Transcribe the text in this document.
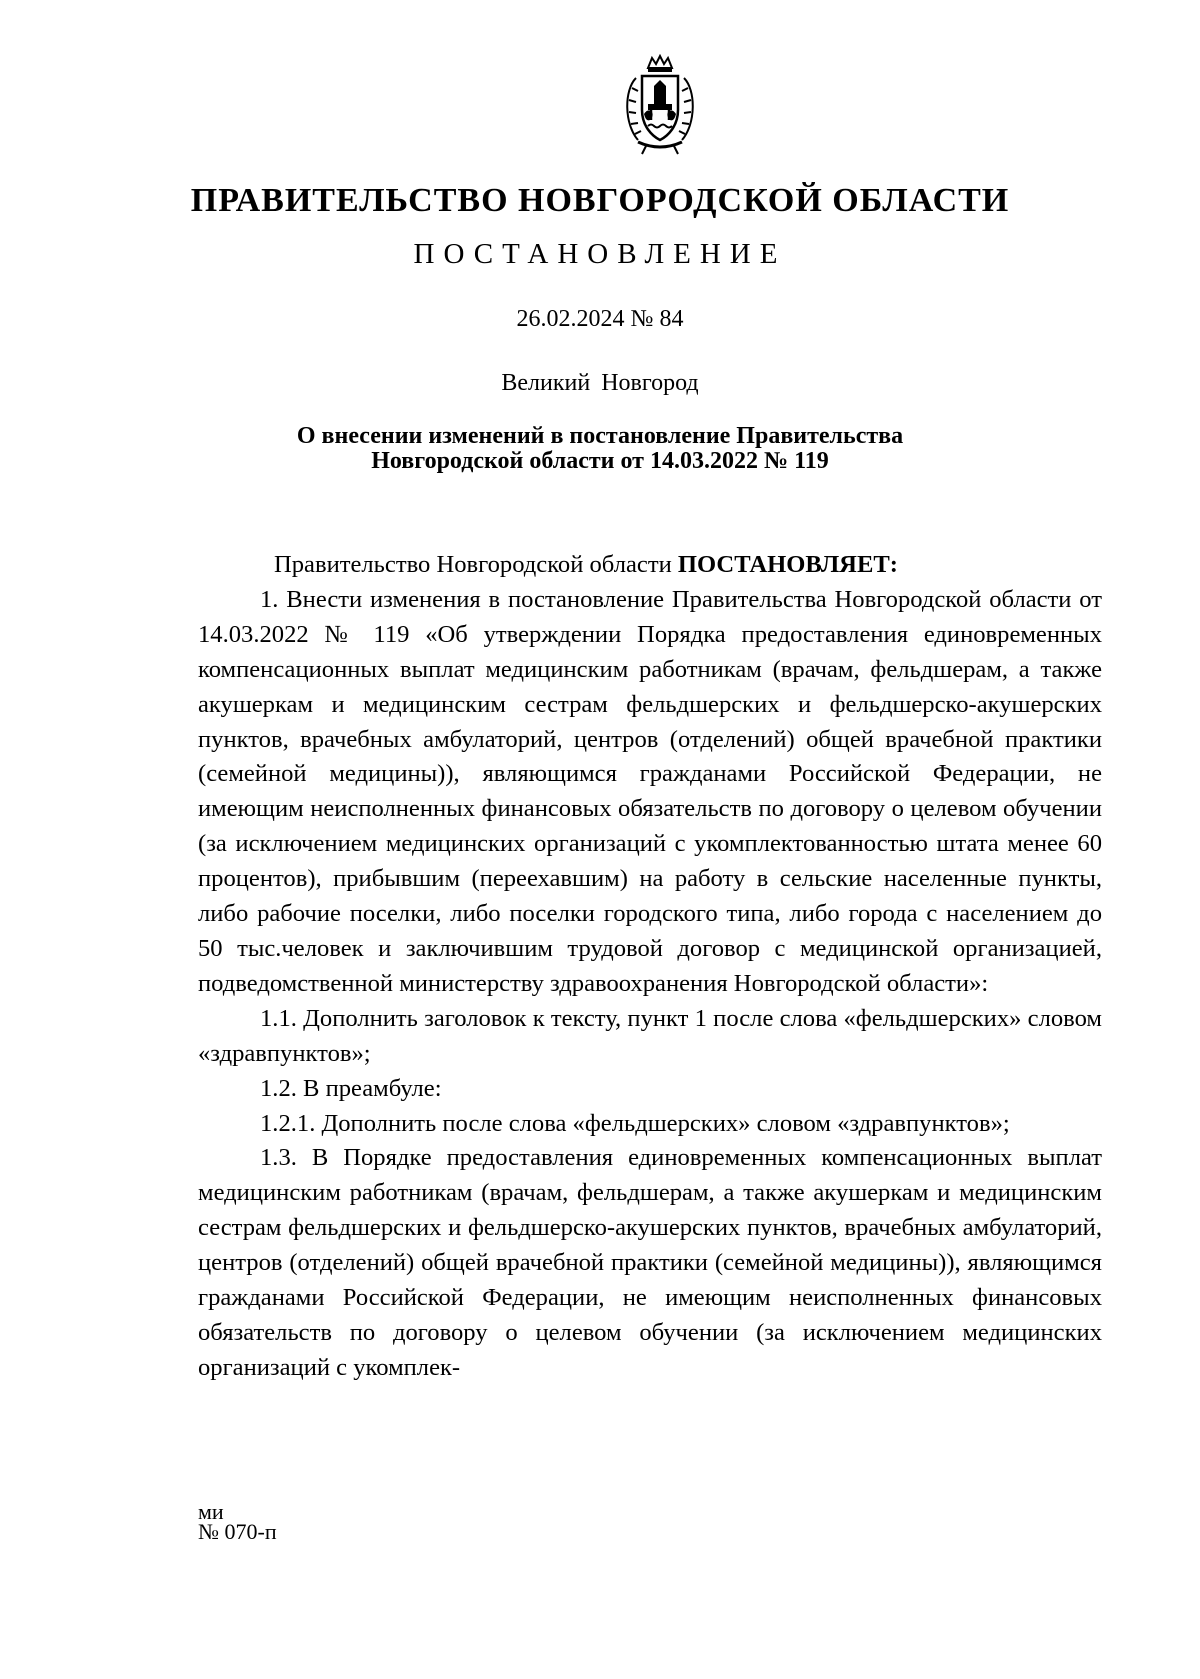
ПРАВИТЕЛЬСТВО НОВГОРОДСКОЙ ОБЛАСТИ
ПОСТАНОВЛЕНИЕ
26.02.2024 № 84
Великий Новгород
О внесении изменений в постановление Правительства
Новгородской области от 14.03.2022 № 119

Правительство Новгородской области ПОСТАНОВЛЯЕТ:

1. Внести изменения в постановление Правительства Новгородской области от 14.03.2022 № 119 «Об утверждении Порядка предоставления единовременных компенсационных выплат медицинским работникам (врачам, фельдшерам, а также акушеркам и медицинским сестрам фельдшерских и фельдшерско-акушерских пунктов, врачебных амбулаторий, центров (отделений) общей врачебной практики (семейной медицины)), являющимся гражданами Российской Федерации, не имеющим неисполненных финансовых обязательств по договору о целевом обучении (за исключением медицинских организаций с укомплектованностью штата менее 60 процентов), прибывшим (переехавшим) на работу в сельские населенные пункты, либо рабочие поселки, либо поселки городского типа, либо города с населением до 50 тыс.человек и заключившим трудовой договор с медицинской организацией, подведомственной министерству здравоохранения Новгородской области»:

1.1. Дополнить заголовок к тексту, пункт 1 после слова «фельдшерских» словом «здравпунктов»;

1.2. В преамбуле:

1.2.1. Дополнить после слова «фельдшерских» словом «здравпунктов»;

1.3. В Порядке предоставления единовременных компенсационных выплат медицинским работникам (врачам, фельдшерам, а также акушеркам и медицинским сестрам фельдшерских и фельдшерско-акушерских пунктов, врачебных амбулаторий, центров (отделений) общей врачебной практики (семейной медицины)), являющимся гражданами Российской Федерации, не имеющим неисполненных финансовых обязательств по договору о целевом обучении (за исключением медицинских организаций с укомплек-

ми
№ 070-п
